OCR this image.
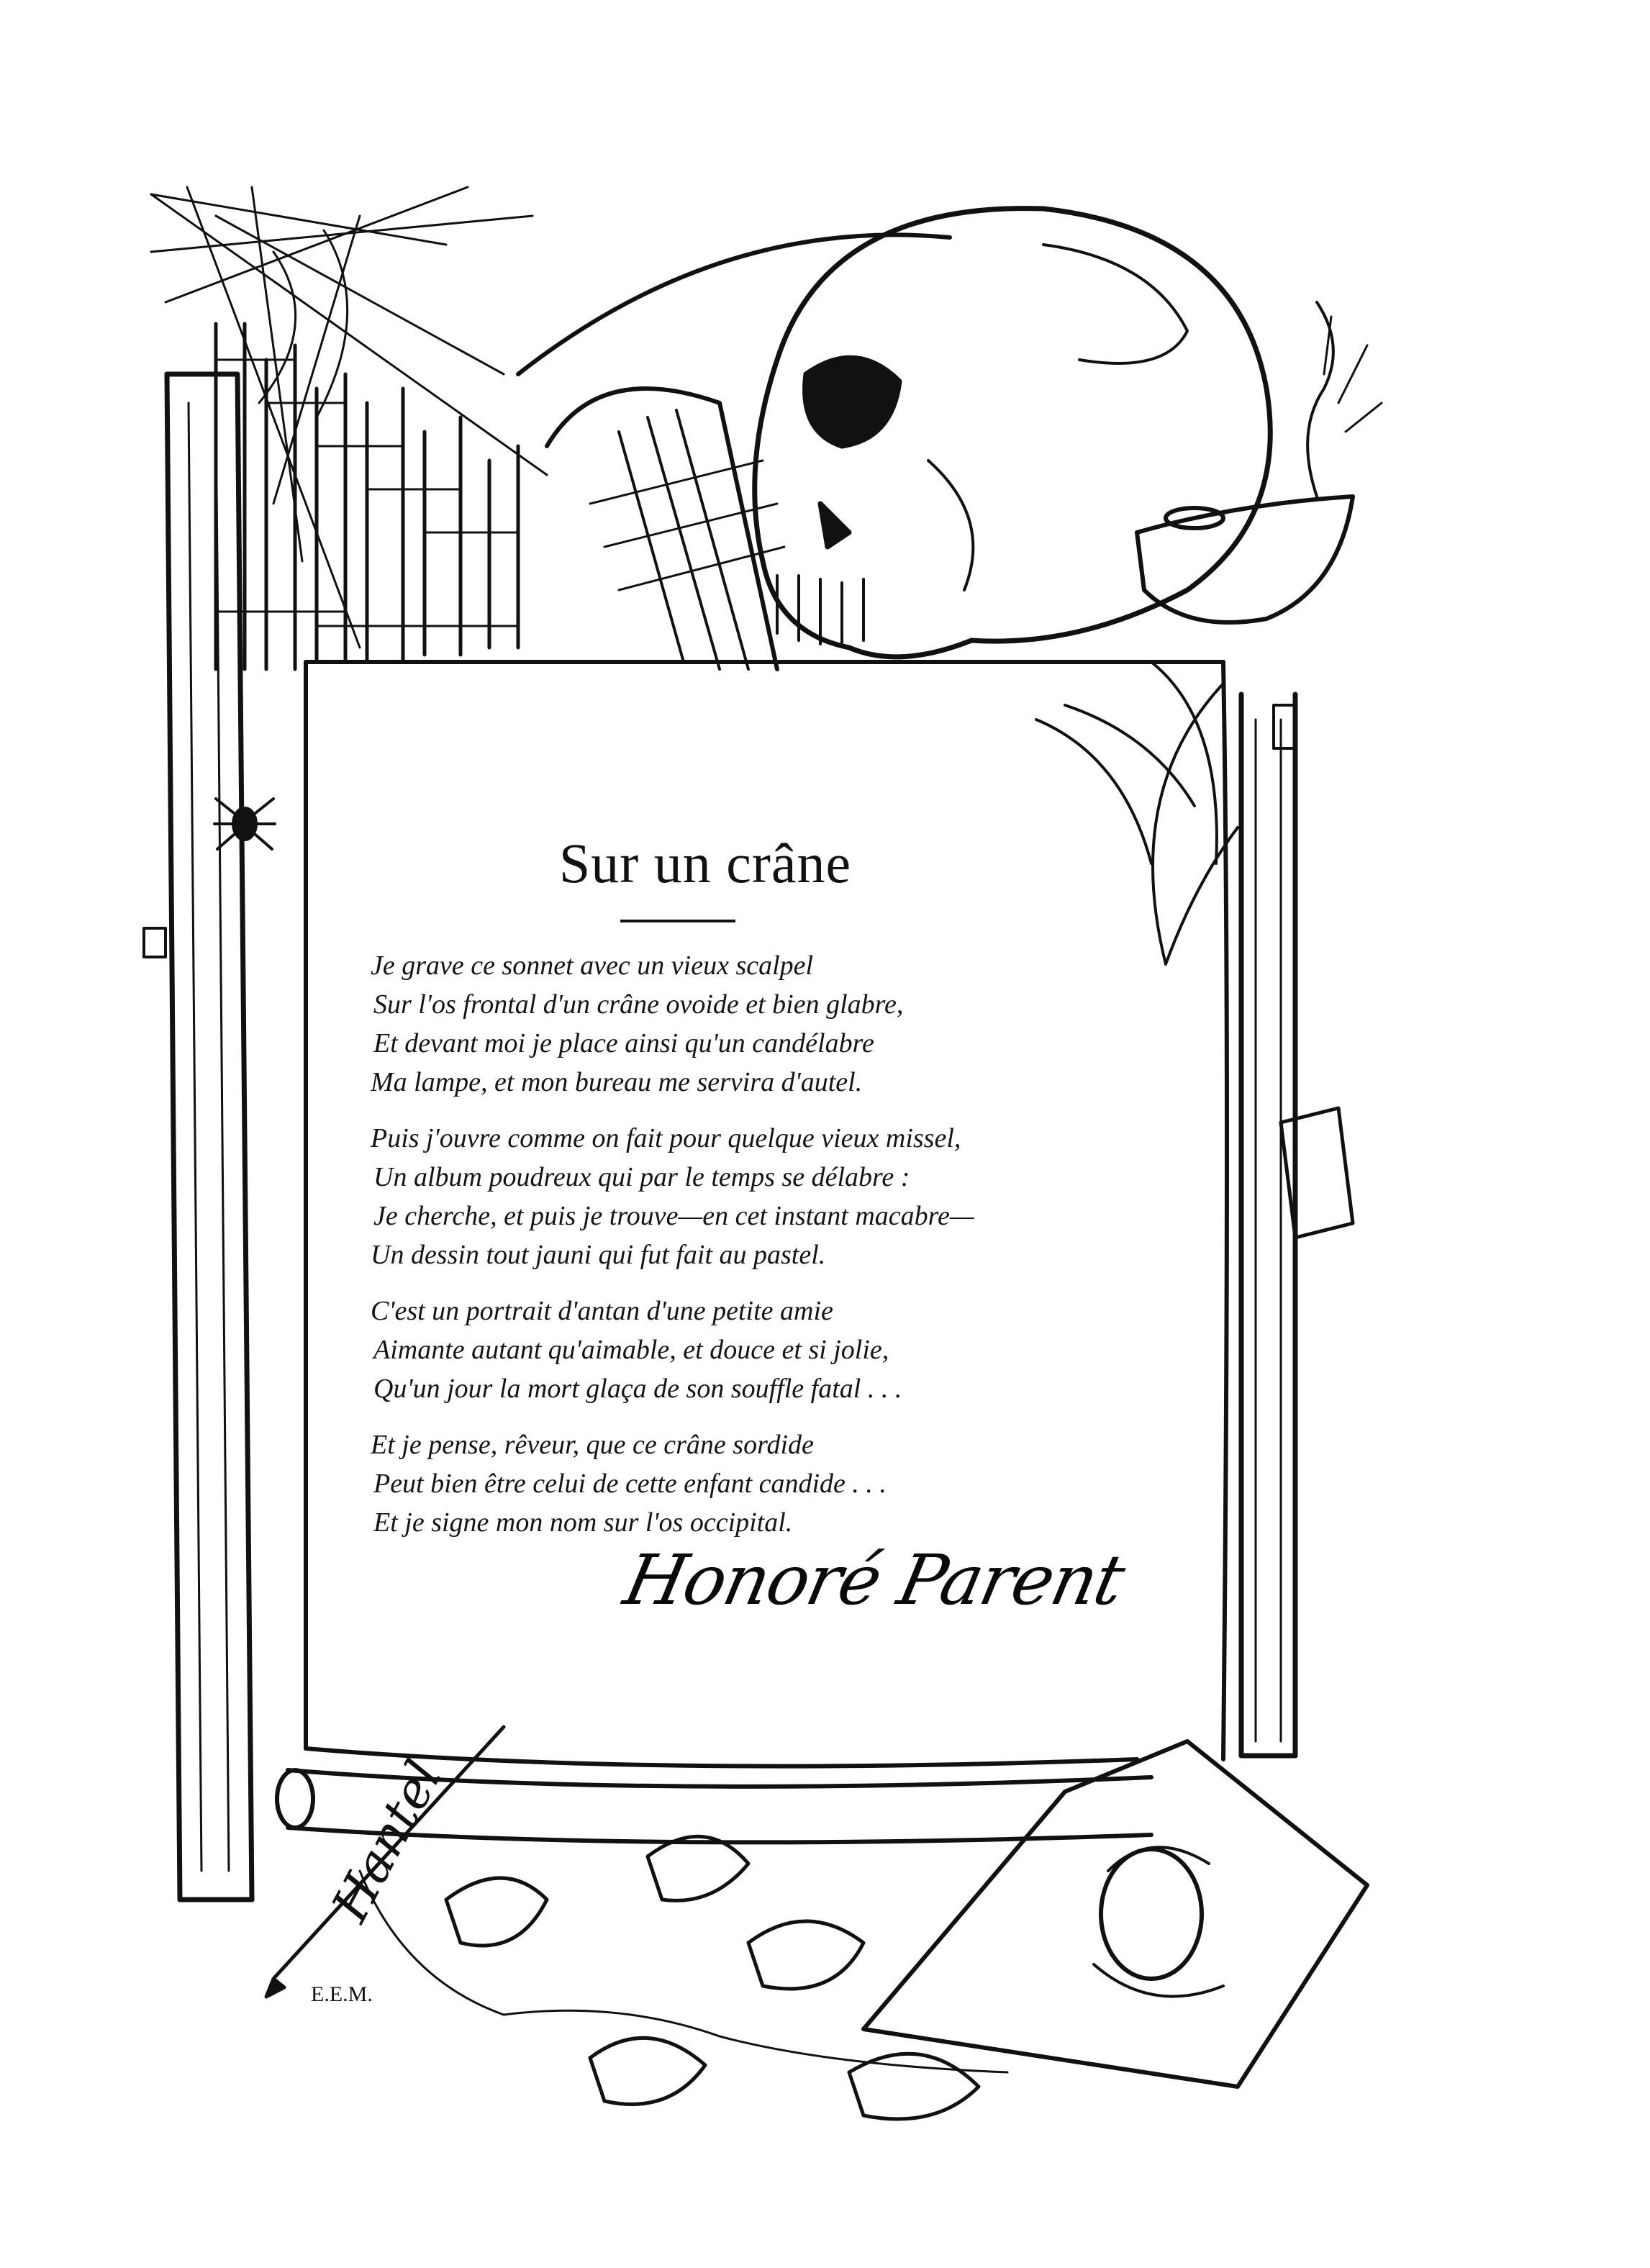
Sur un crâne
Je grave ce sonnet avec un vieux scalpel
Sur l'os frontal d'un crâne ovoide et bien glabre,
Et devant moi je place ainsi qu'un candélabre
Ma lampe, et mon bureau me servira d'autel.
Puis j'ouvre comme on fait pour quelque vieux missel,
Un album poudreux qui par le temps se délabre :
Je cherche, et puis je trouve—en cet instant macabre—
Un dessin tout jauni qui fut fait au pastel.
C'est un portrait d'antan d'une petite amie
Aimante autant qu'aimable, et douce et si jolie,
Qu'un jour la mort glaça de son souffle fatal . . .
Et je pense, rêveur, que ce crâne sordide
Peut bien être celui de cette enfant candide . . .
Et je signe mon nom sur l'os occipital.
Honoré Parent
Hantel
E.E.M.
